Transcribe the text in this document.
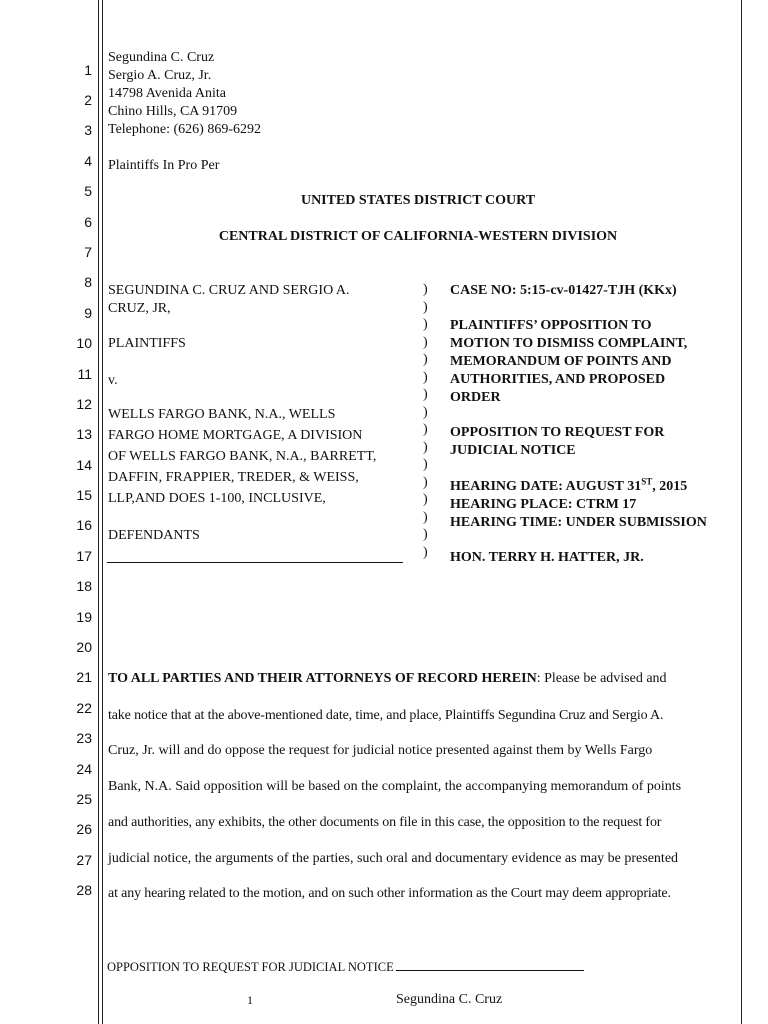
1
2
3
4
5
6
7
8
9
10
11
12
13
14
15
16
17
18
19
20
21
22
23
24
25
26
27
28
Segundina C. Cruz
Sergio A. Cruz, Jr.
14798 Avenida Anita
Chino Hills, CA 91709
Telephone: (626) 869-6292
Plaintiffs In Pro Per
UNITED STATES DISTRICT COURT
CENTRAL DISTRICT OF CALIFORNIA-WESTERN DIVISION
SEGUNDINA C. CRUZ AND SERGIO A.
CRUZ, JR,
PLAINTIFFS
v.
WELLS FARGO BANK, N.A., WELLS
FARGO HOME MORTGAGE, A DIVISION
OF WELLS FARGO BANK, N.A., BARRETT,
DAFFIN, FRAPPIER, TREDER, & WEISS,
LLP,AND DOES 1-100, INCLUSIVE,
DEFENDANTS
)
)
)
)
)
)
)
)
)
)
)
)
)
)
)
)
CASE NO: 5:15-cv-01427-TJH (KKx)
PLAINTIFFS’ OPPOSITION TO
MOTION TO DISMISS COMPLAINT,
MEMORANDUM OF POINTS AND
AUTHORITIES, AND PROPOSED
ORDER
OPPOSITION TO REQUEST FOR
JUDICIAL NOTICE
HEARING DATE: AUGUST 31ST, 2015
HEARING PLACE: CTRM 17
HEARING TIME: UNDER SUBMISSION
HON. TERRY H. HATTER, JR.
TO ALL PARTIES AND THEIR ATTORNEYS OF RECORD HEREIN: Please be advised and
take notice that at the above-mentioned date, time, and place, Plaintiffs Segundina Cruz and Sergio A.
Cruz, Jr. will and do oppose the request for judicial notice presented against them by Wells Fargo
Bank, N.A. Said opposition will be based on the complaint, the accompanying memorandum of points
and authorities, any exhibits, the other documents on file in this case, the opposition to the request for
judicial notice, the arguments of the parties, such oral and documentary evidence as may be presented
at any hearing related to the motion, and on such other information as the Court may deem appropriate.
OPPOSITION TO REQUEST FOR JUDICIAL NOTICE
1	Segundina C. Cruz
